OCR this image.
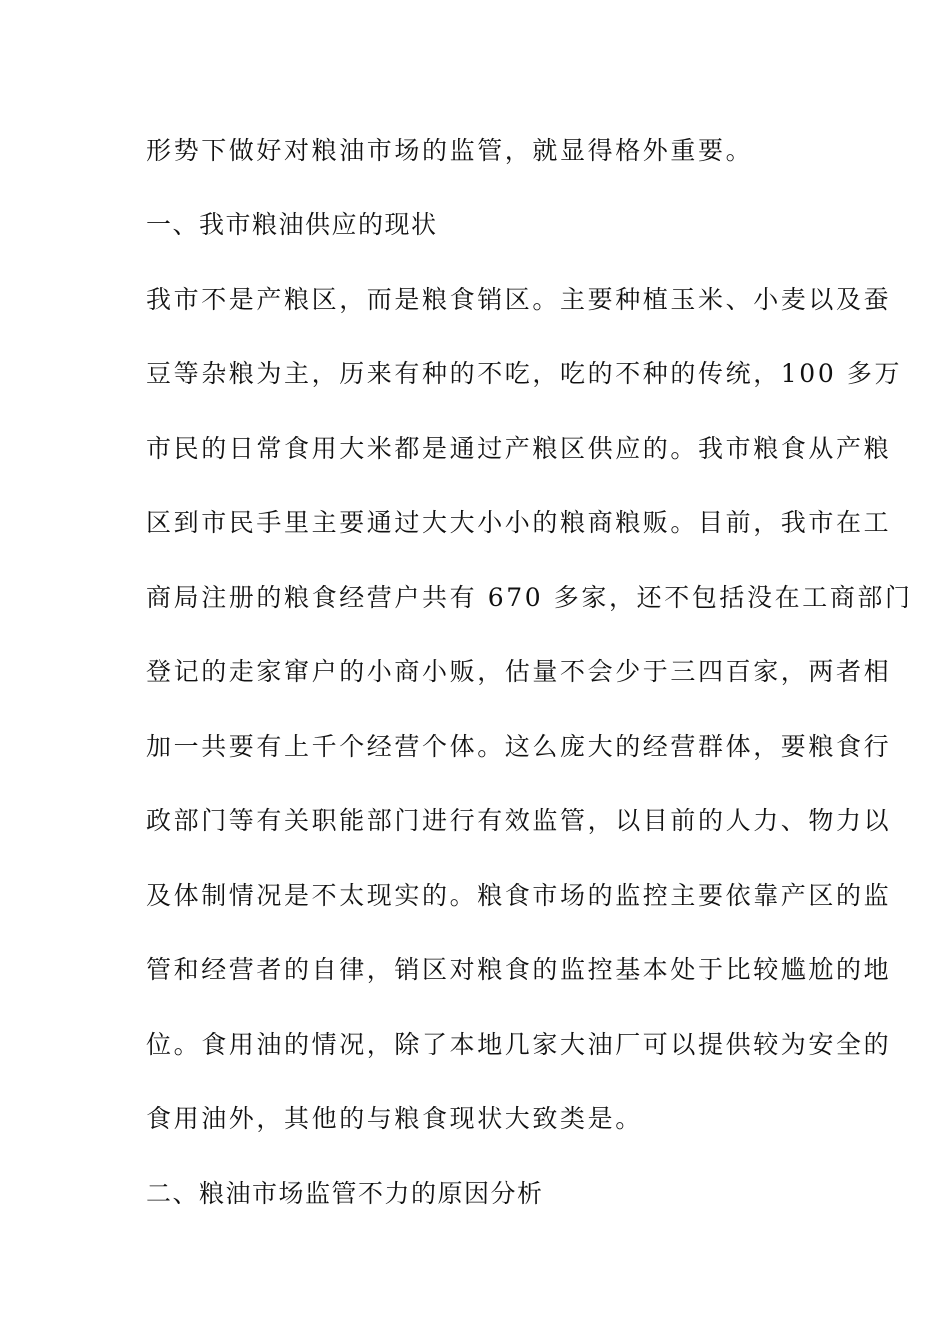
形势下做好对粮油市场的监管，就显得格外重要。
一、我市粮油供应的现状
我市不是产粮区，而是粮食销区。主要种植玉米、小麦以及蚕
豆等杂粮为主，历来有种的不吃，吃的不种的传统，100 多万
市民的日常食用大米都是通过产粮区供应的。我市粮食从产粮
区到市民手里主要通过大大小小的粮商粮贩。目前，我市在工
商局注册的粮食经营户共有 670 多家，还不包括没在工商部门
登记的走家窜户的小商小贩，估量不会少于三四百家，两者相
加一共要有上千个经营个体。这么庞大的经营群体，要粮食行
政部门等有关职能部门进行有效监管，以目前的人力、物力以
及体制情况是不太现实的。粮食市场的监控主要依靠产区的监
管和经营者的自律，销区对粮食的监控基本处于比较尴尬的地
位。食用油的情况，除了本地几家大油厂可以提供较为安全的
食用油外，其他的与粮食现状大致类是。
二、粮油市场监管不力的原因分析
